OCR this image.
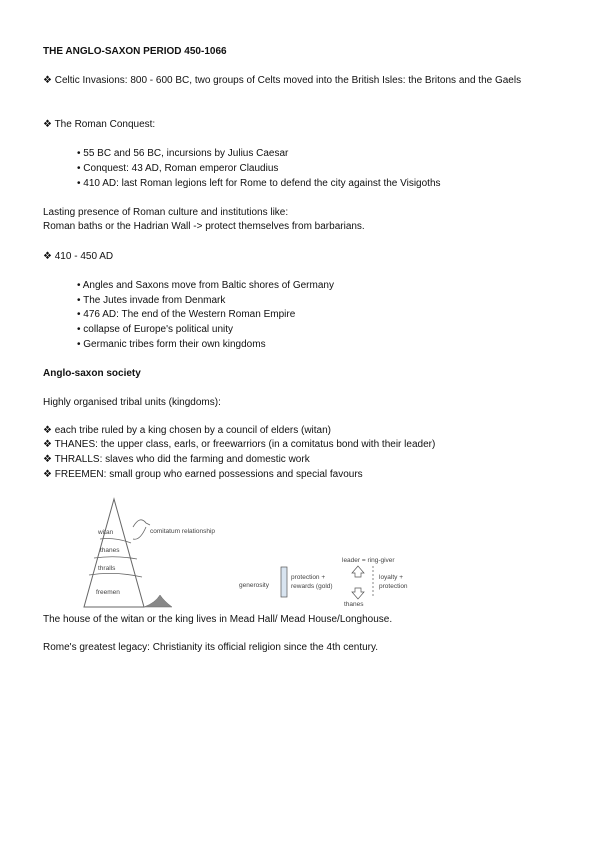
THE ANGLO-SAXON PERIOD 450-1066
❖ Celtic Invasions: 800 - 600 BC, two groups of Celts moved into the British Isles: the Britons and the Gaels
❖ The Roman Conquest:
• 55 BC and 56 BC, incursions by Julius Caesar
• Conquest: 43 AD, Roman emperor Claudius
• 410 AD: last Roman legions left for Rome to defend the city against the Visigoths
Lasting presence of Roman culture and institutions like:
Roman baths or the Hadrian Wall -> protect themselves from barbarians.
❖ 410 - 450 AD
• Angles and Saxons move from Baltic shores of Germany
• The Jutes invade from Denmark
• 476 AD: The end of the Western Roman Empire
• collapse of Europe's political unity
• Germanic tribes form their own kingdoms
Anglo-saxon society
Highly organised tribal units (kingdoms):
❖ each tribe ruled by a king chosen by a council of elders (witan)
❖ THANES: the upper class, earls, or freewarriors (in a comitatus bond with their leader)
❖ THRALLS: slaves who did the farming and domestic work
❖ FREEMEN: small group who earned possessions and special favours
witan
thanes
thralls
freemen
comitatum relationship
leader = ring-giver
generosity
protection +
rewards (gold)
loyalty +
protection
thanes
The house of the witan or the king lives in Mead Hall/ Mead House/Longhouse.
Rome's greatest legacy: Christianity its official religion since the 4th century.
